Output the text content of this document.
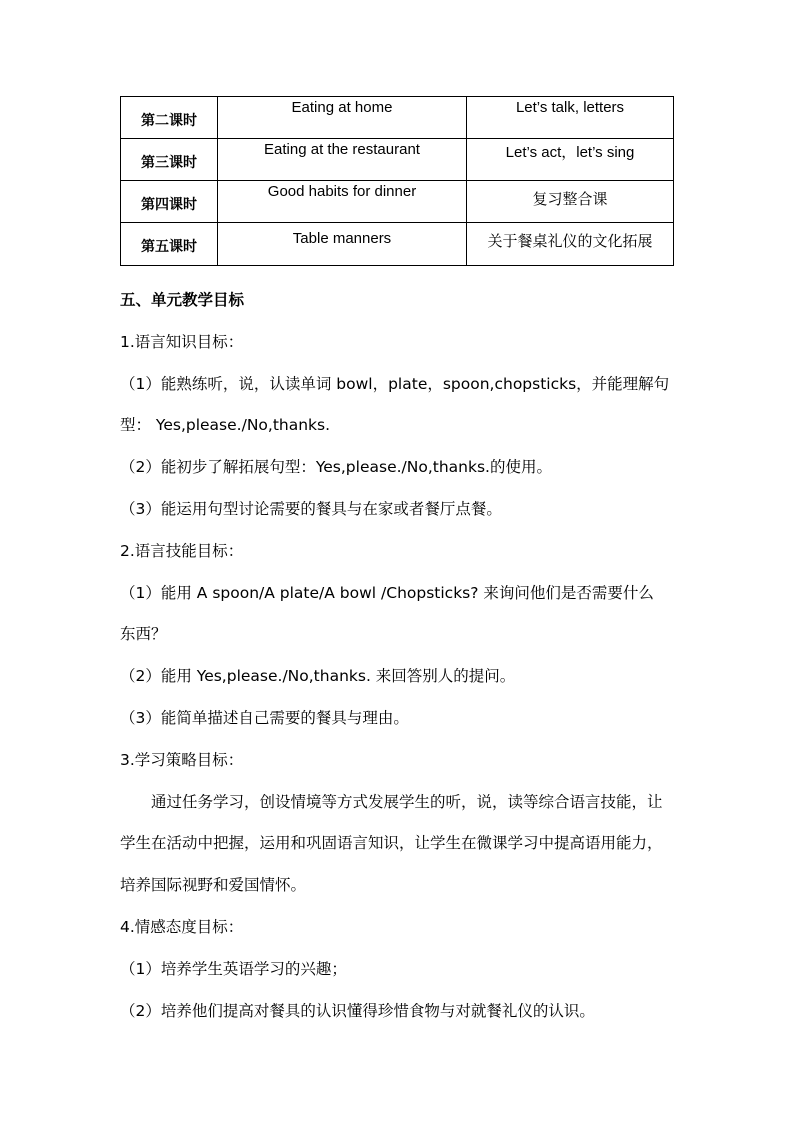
第二课时	Eating at home	Let’s talk, letters
第三课时	Eating at the restaurant	Let’s act，let’s sing
第四课时	Good habits for dinner	复习整合课
第五课时	Table manners	关于餐桌礼仪的文化拓展
五、单元教学目标
1.语言知识目标：
（1）能熟练听，说，认读单词 bowl，plate，spoon,chopsticks，并能理解句
型： Yes,please./No,thanks.
（2）能初步了解拓展句型：Yes,please./No,thanks.的使用。
（3）能运用句型讨论需要的餐具与在家或者餐厅点餐。
2.语言技能目标：
（1）能用 A spoon/A plate/A bowl /Chopsticks? 来询问他们是否需要什么
东西？
（2）能用 Yes,please./No,thanks. 来回答别人的提问。
（3）能简单描述自己需要的餐具与理由。
3.学习策略目标：
通过任务学习，创设情境等方式发展学生的听，说，读等综合语言技能，让
学生在活动中把握，运用和巩固语言知识，让学生在微课学习中提高语用能力，
培养国际视野和爱国情怀。
4.情感态度目标：
（1）培养学生英语学习的兴趣；
（2）培养他们提高对餐具的认识懂得珍惜食物与对就餐礼仪的认识。
